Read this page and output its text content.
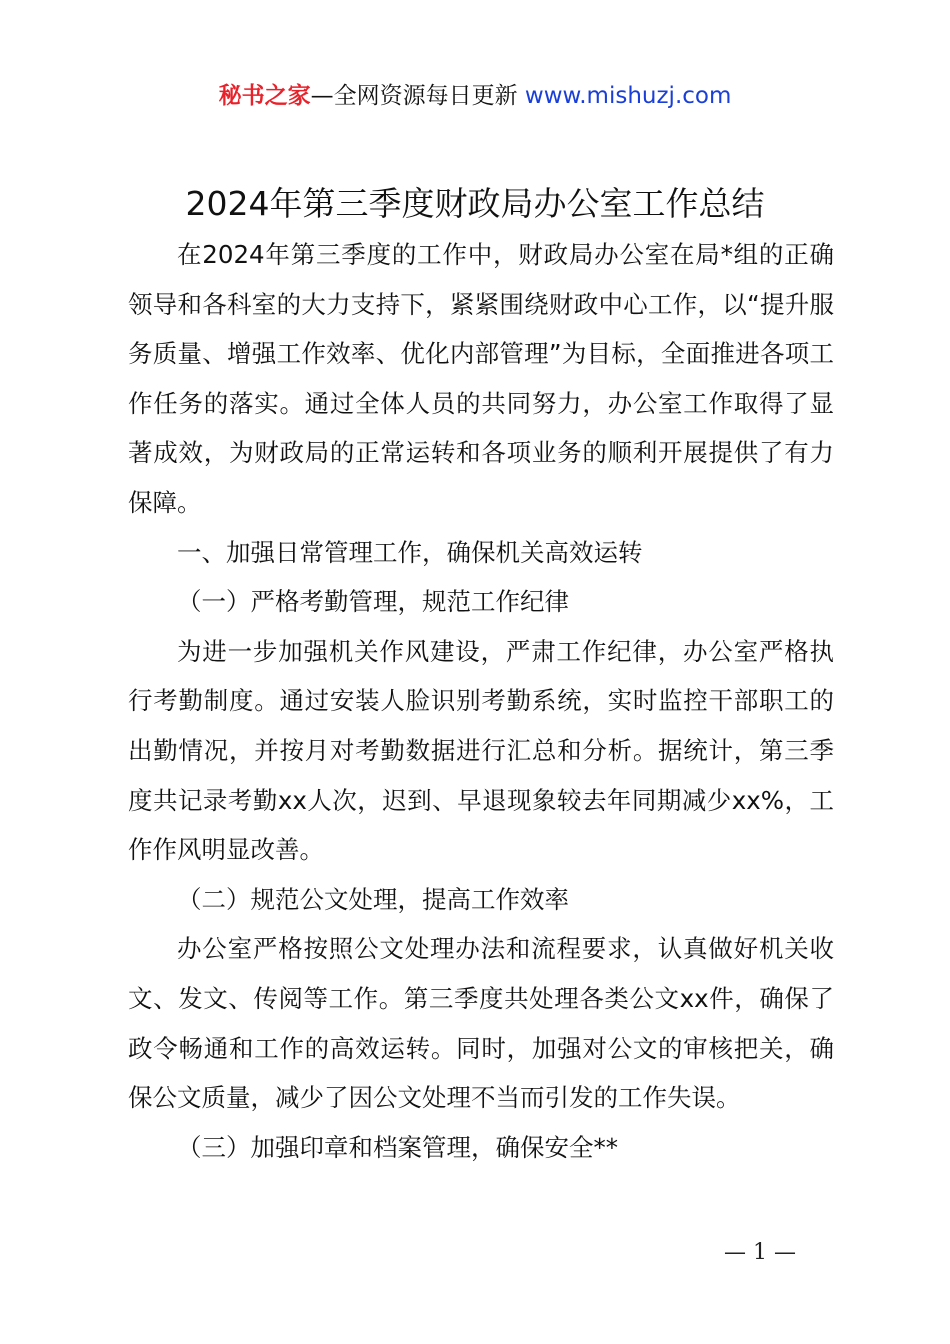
秘书之家—全网资源每日更新 www.mishuzj.com
2024年第三季度财政局办公室工作总结

在2024年第三季度的工作中，财政局办公室在局*组的正确领导和各科室的大力支持下，紧紧围绕财政中心工作，以“提升服务质量、增强工作效率、优化内部管理”为目标，全面推进各项工作任务的落实。通过全体人员的共同努力，办公室工作取得了显著成效，为财政局的正常运转和各项业务的顺利开展提供了有力保障。

一、加强日常管理工作，确保机关高效运转

（一）严格考勤管理，规范工作纪律

为进一步加强机关作风建设，严肃工作纪律，办公室严格执行考勤制度。通过安装人脸识别考勤系统，实时监控干部职工的出勤情况，并按月对考勤数据进行汇总和分析。据统计，第三季度共记录考勤xx人次，迟到、早退现象较去年同期减少xx%，工作作风明显改善。

（二）规范公文处理，提高工作效率

办公室严格按照公文处理办法和流程要求，认真做好机关收文、发文、传阅等工作。第三季度共处理各类公文xx件，确保了政令畅通和工作的高效运转。同时，加强对公文的审核把关，确保公文质量，减少了因公文处理不当而引发的工作失误。

（三）加强印章和档案管理，确保安全**

— 1 —
